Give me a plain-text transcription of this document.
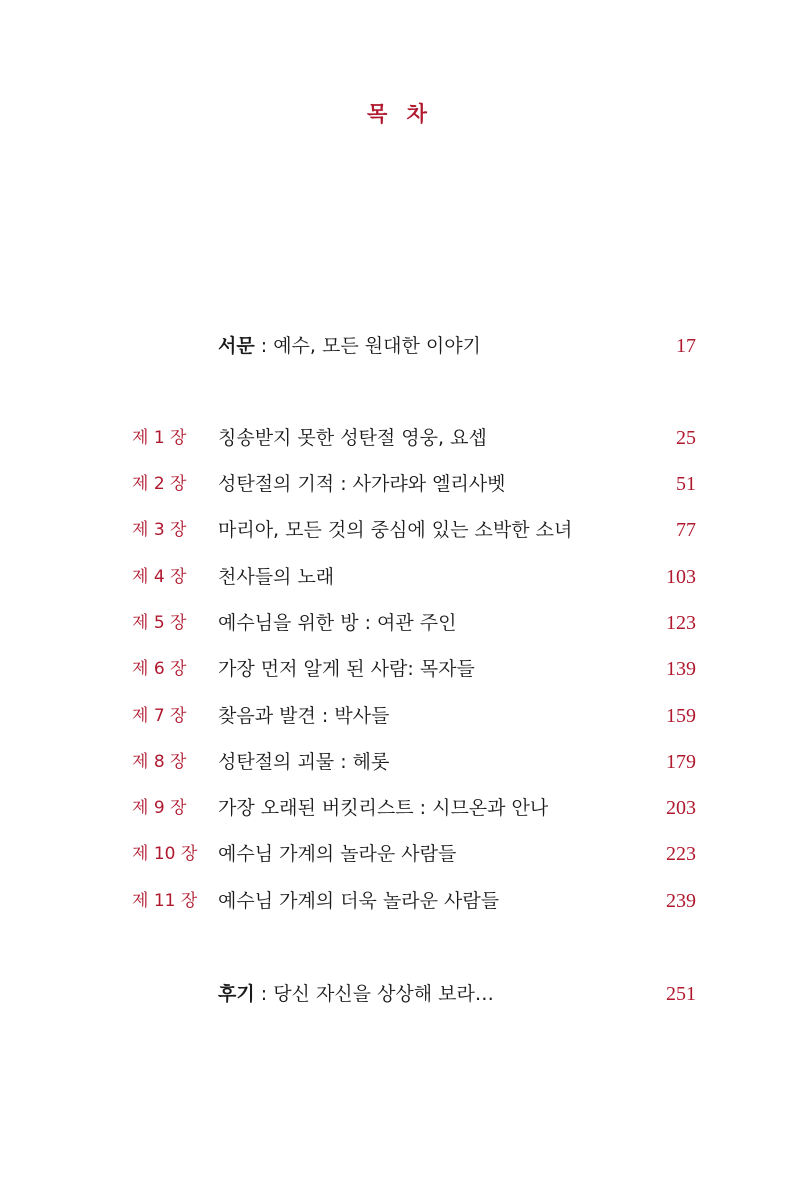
목 차
서문 : 예수, 모든 원대한 이야기	17
제 1 장	칭송받지 못한 성탄절 영웅, 요셉	25
제 2 장	성탄절의 기적 : 사가랴와 엘리사벳	51
제 3 장	마리아, 모든 것의 중심에 있는 소박한 소녀	77
제 4 장	천사들의 노래	103
제 5 장	예수님을 위한 방 : 여관 주인	123
제 6 장	가장 먼저 알게 된 사람: 목자들	139
제 7 장	찾음과 발견 : 박사들	159
제 8 장	성탄절의 괴물 : 헤롯	179
제 9 장	가장 오래된 버킷리스트 : 시므온과 안나	203
제 10 장	예수님 가계의 놀라운 사람들	223
제 11 장	예수님 가계의 더욱 놀라운 사람들	239
후기 : 당신 자신을 상상해 보라…	251
